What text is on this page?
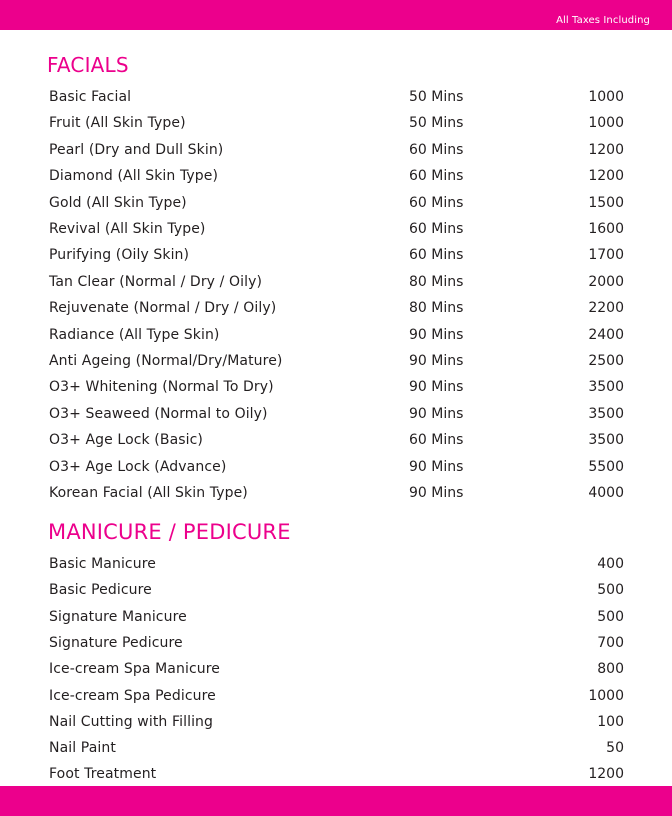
All Taxes Including
FACIALS
Basic Facial	50 Mins	1000
Fruit (All Skin Type)	50 Mins	1000
Pearl (Dry and Dull Skin)	60 Mins	1200
Diamond (All Skin Type)	60 Mins	1200
Gold (All Skin Type)	60 Mins	1500
Revival (All Skin Type)	60 Mins	1600
Purifying (Oily Skin)	60 Mins	1700
Tan Clear (Normal / Dry / Oily)	80 Mins	2000
Rejuvenate (Normal / Dry / Oily)	80 Mins	2200
Radiance (All Type Skin)	90 Mins	2400
Anti Ageing (Normal/Dry/Mature)	90 Mins	2500
O3+ Whitening (Normal To Dry)	90 Mins	3500
O3+ Seaweed (Normal to Oily)	90 Mins	3500
O3+ Age Lock (Basic)	60 Mins	3500
O3+ Age Lock (Advance)	90 Mins	5500
Korean Facial (All Skin Type)	90 Mins	4000
MANICURE / PEDICURE
Basic Manicure	400
Basic Pedicure	500
Signature Manicure	500
Signature Pedicure	700
Ice-cream Spa Manicure	800
Ice-cream Spa Pedicure	1000
Nail Cutting with Filling	100
Nail Paint	50
Foot Treatment	1200
